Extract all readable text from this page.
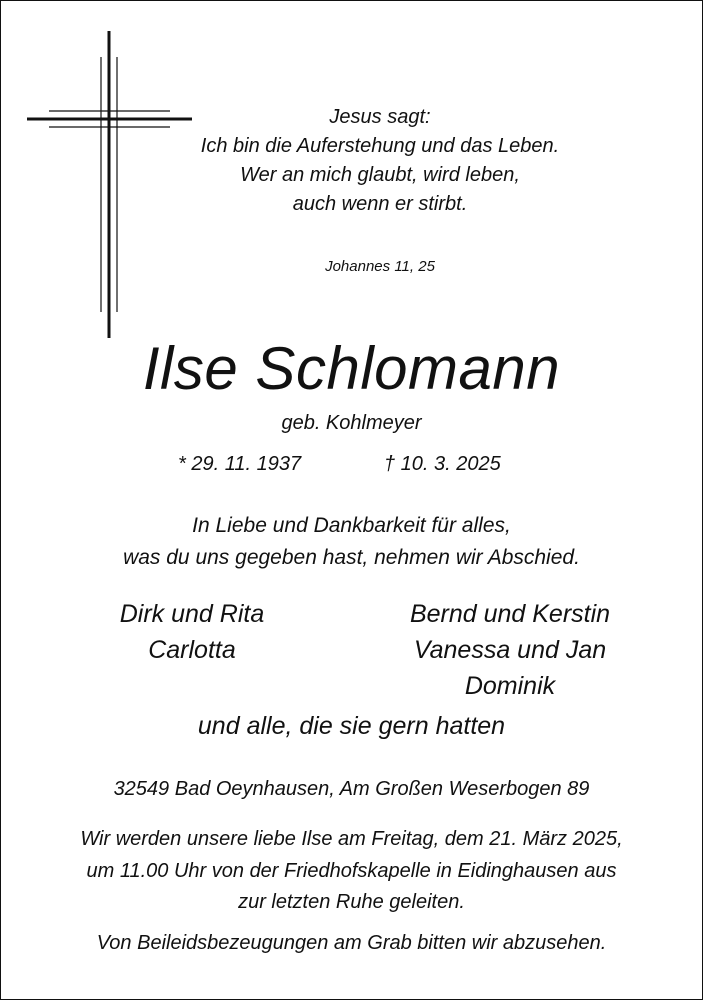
Jesus sagt:
Ich bin die Auferstehung und das Leben.
Wer an mich glaubt, wird leben,
auch wenn er stirbt.
Johannes 11, 25
Ilse Schlomann
geb. Kohlmeyer
* 29. 11. 1937	† 10. 3. 2025
In Liebe und Dankbarkeit für alles,
was du uns gegeben hast, nehmen wir Abschied.
Dirk und Rita
Carlotta
Bernd und Kerstin
Vanessa und Jan
Dominik
und alle, die sie gern hatten
32549 Bad Oeynhausen, Am Großen Weserbogen 89
Wir werden unsere liebe Ilse am Freitag, dem 21. März 2025,
um 11.00 Uhr von der Friedhofskapelle in Eidinghausen aus
zur letzten Ruhe geleiten.
Von Beileidsbezeugungen am Grab bitten wir abzusehen.
